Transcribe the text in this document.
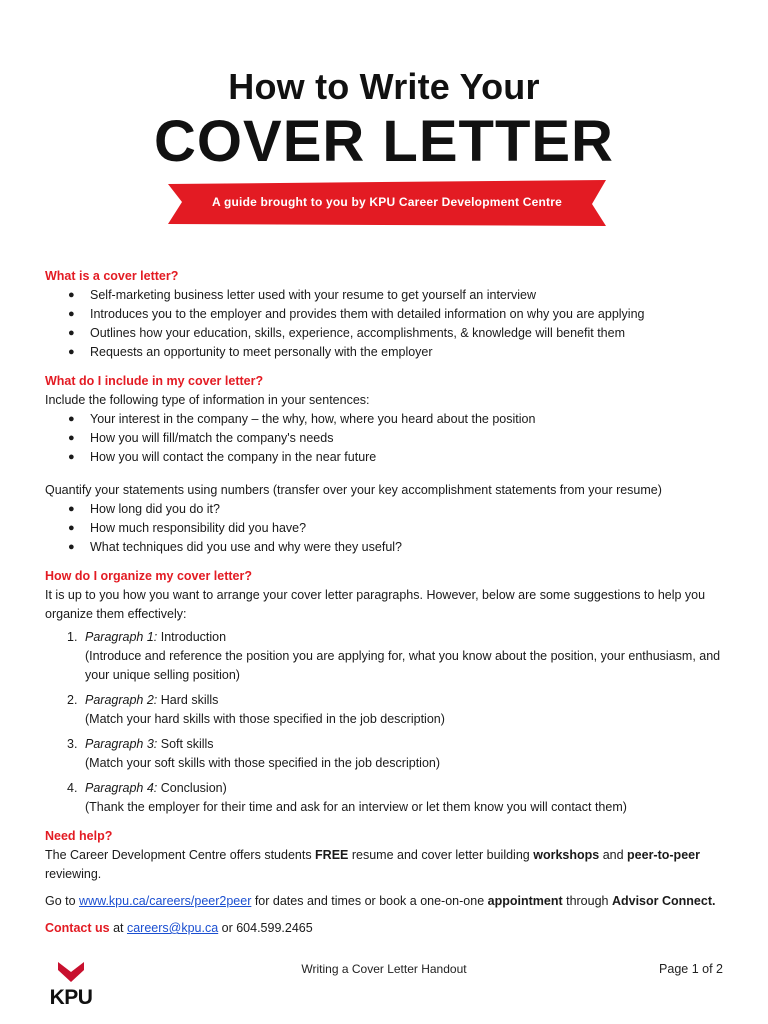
How to Write Your
COVER LETTER
A guide brought to you by KPU Career Development Centre
What is a cover letter?
● Self-marketing business letter used with your resume to get yourself an interview
● Introduces you to the employer and provides them with detailed information on why you are applying
● Outlines how your education, skills, experience, accomplishments, & knowledge will benefit them
● Requests an opportunity to meet personally with the employer
What do I include in my cover letter?
Include the following type of information in your sentences:
● Your interest in the company – the why, how, where you heard about the position
● How you will fill/match the company's needs
● How you will contact the company in the near future
Quantify your statements using numbers (transfer over your key accomplishment statements from your resume)
● How long did you do it?
● How much responsibility did you have?
● What techniques did you use and why were they useful?
How do I organize my cover letter?
It is up to you how you want to arrange your cover letter paragraphs. However, below are some suggestions to help you organize them effectively:
1. Paragraph 1: Introduction
(Introduce and reference the position you are applying for, what you know about the position, your enthusiasm, and your unique selling position)
2. Paragraph 2: Hard skills
(Match your hard skills with those specified in the job description)
3. Paragraph 3: Soft skills
(Match your soft skills with those specified in the job description)
4. Paragraph 4: Conclusion)
(Thank the employer for their time and ask for an interview or let them know you will contact them)
Need help?
The Career Development Centre offers students FREE resume and cover letter building workshops and peer-to-peer reviewing.
Go to www.kpu.ca/careers/peer2peer for dates and times or book a one-on-one appointment through Advisor Connect.
Contact us at careers@kpu.ca or 604.599.2465
KPU
Writing a Cover Letter Handout	Page 1 of 2
